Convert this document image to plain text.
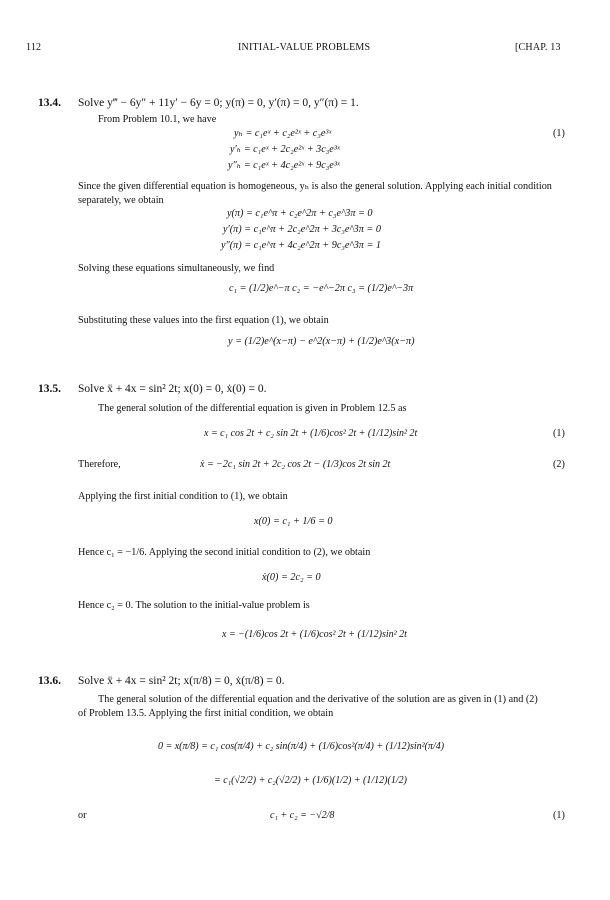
112	INITIAL-VALUE PROBLEMS	[CHAP. 13
13.4. Solve y‴ − 6y″ + 11y′ − 6y = 0; y(π) = 0, y′(π) = 0, y″(π) = 1.
From Problem 10.1, we have
yₕ = c₁eˣ + c₂e²ˣ + c₃e³ˣ	(1)
y′ₕ = c₁eˣ + 2c₂e²ˣ + 3c₃e³ˣ
y″ₕ = c₁eˣ + 4c₂e²ˣ + 9c₃e³ˣ
Since the given differential equation is homogeneous, yₕ is also the general solution. Applying each initial condition
separately, we obtain
y(π) = c₁e^π + c₂e^2π + c₃e^3π = 0
y′(π) = c₁e^π + 2c₂e^2π + 3c₃e^3π = 0
y″(π) = c₁e^π + 4c₂e^2π + 9c₃e^3π = 1
Solving these equations simultaneously, we find
c₁ = (1/2)e^−π c₂ = −e^−2π c₃ = (1/2)e^−3π
Substituting these values into the first equation (1), we obtain
y = (1/2)e^(x−π) − e^2(x−π) + (1/2)e^3(x−π)
13.5. Solve ẍ + 4x = sin² 2t; x(0) = 0, ẋ(0) = 0.
The general solution of the differential equation is given in Problem 12.5 as
x = c₁ cos 2t + c₂ sin 2t + (1/6)cos² 2t + (1/12)sin² 2t	(1)
Therefore,	ẋ = −2c₁ sin 2t + 2c₂ cos 2t − (1/3)cos 2t sin 2t	(2)
Applying the first initial condition to (1), we obtain
x(0) = c₁ + 1/6 = 0
Hence c₁ = −1/6. Applying the second initial condition to (2), we obtain
ẋ(0) = 2c₂ = 0
Hence c₂ = 0. The solution to the initial-value problem is
x = −(1/6)cos 2t + (1/6)cos² 2t + (1/12)sin² 2t
13.6. Solve ẍ + 4x = sin² 2t; x(π/8) = 0, ẋ(π/8) = 0.
The general solution of the differential equation and the derivative of the solution are as given in (1) and (2)
of Problem 13.5. Applying the first initial condition, we obtain
0 = x(π/8) = c₁ cos(π/4) + c₂ sin(π/4) + (1/6)cos²(π/4) + (1/12)sin²(π/4)
= c₁(√2/2) + c₂(√2/2) + (1/6)(1/2) + (1/12)(1/2)
or	c₁ + c₂ = −√2/8	(1)
